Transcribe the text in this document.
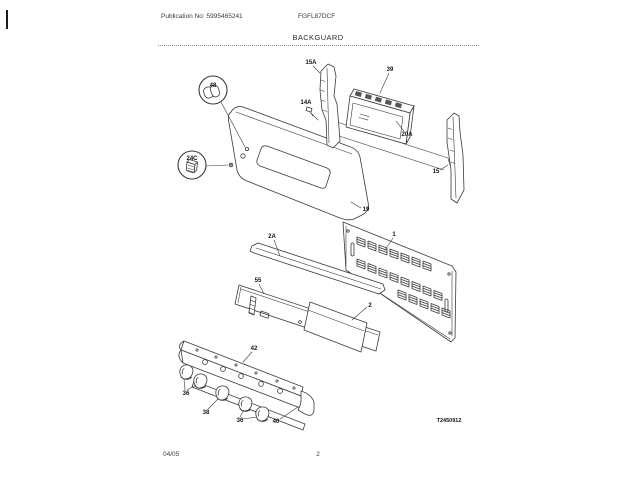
Publication No: 5995465241	FGFL87DCF
BACKGUARD
48
24C
15A
14A
39
20A
15
19
1
2A
55
2
42
36
38
36	40	T2450912
04/05	2
